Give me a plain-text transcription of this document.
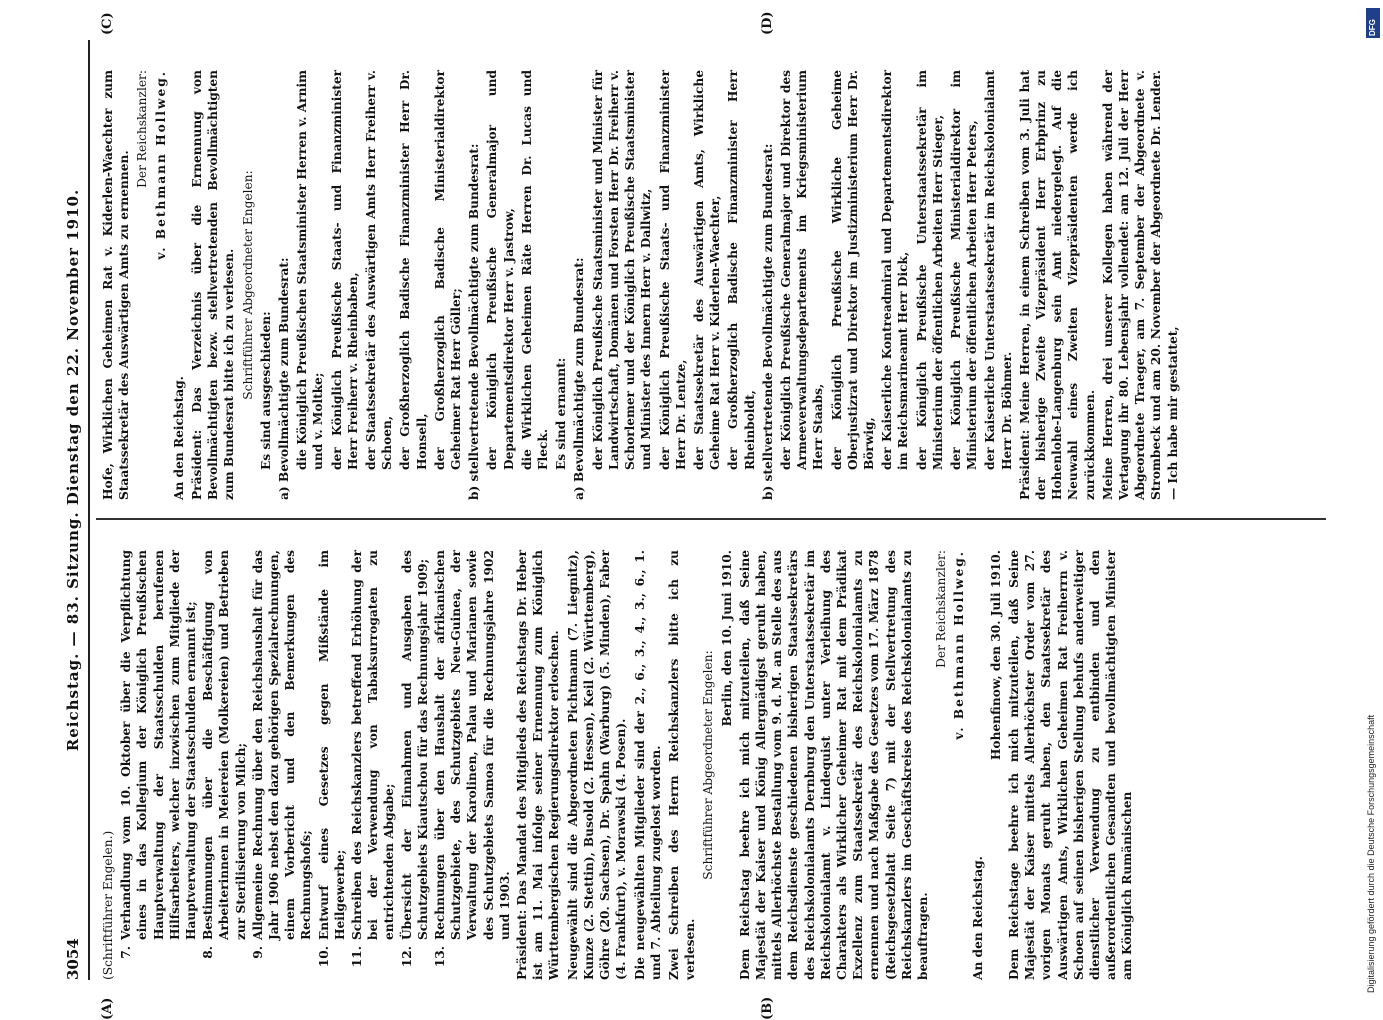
3054
Reichstag. — 83. Sitzung. Dienstag den 22. November 1910.
(A)	(B)
(C)	(D)

(Schriftführer Engelen.) 7.
Verhandlung vom 10. Oktober über die Verpflichtung eines in das Kollegium der Königlich Preußischen Hauptverwaltung der Staatsschulden berufenen Hilfsarbeiters, welcher inzwischen zum Mitgliede der Hauptverwaltung der Staatsschulden ernannt ist;
8.
Bestimmungen über die Beschäftigung von Arbeiterinnen in Meiereien (Molkereien) und Betrieben zur Sterilisierung von Milch;
9.
Allgemeine Rechnung über den Reichshaushalt für das Jahr 1906 nebst den dazu gehörigen Spezialrechnungen, einem Vorbericht und den Bemerkungen des Rechnungshofs;
10.
Entwurf eines Gesetzes gegen Mißstände im Heilgewerbe;
11.
Schreiben des Reichskanzlers betreffend Erhöhung der bei der Verwendung von Tabaksurrogaten zu entrichtenden Abgabe;
12.
Übersicht der Einnahmen und Ausgaben des Schutzgebiets Kiautschou für das Rechnungsjahr 1909;
13.
Rechnungen über den Haushalt der afrikanischen Schutzgebiete, des Schutzgebiets Neu-Guinea, der Verwaltung der Karolinen, Palau und Marianen sowie des Schutzgebiets Samoa für die Rechnungsjahre 1902 und 1903. Präsident: Das Mandat des Mitglieds des Reichstags Dr. Heber ist am 11. Mai infolge seiner Ernennung zum Königlich Württembergischen Regierungsdirektor erloschen. Neugewählt sind die Abgeordneten Pichtmann (7. Liegnitz), Kunze (2. Stettin), Busold (2. Hessen), Keil (2. Württemberg), Göhre (20. Sachsen), Dr. Spahn (Warburg) (5. Minden), Faber (4. Frankfurt), v. Morawski (4. Posen). Die neugewählten Mitglieder sind der 2., 6., 3., 4., 3., 6., 1. und 7. Abteilung zugelost worden. Zwei Schreiben des Herrn Reichskanzlers bitte ich zu verlesen.

Schriftführer Abgeordneter Engelen:

Berlin, den 10. Juni 1910. Dem Reichstag beehre ich mich mitzuteilen, daß Seine Majestät der Kaiser und König Allergnädigst geruht haben, mittels Allerhöchste Bestallung vom 9. d. M. an Stelle des aus dem Reichsdienste geschiedenen bisherigen Staatssekretärs des Reichskolonialamts Dernburg den Unterstaatssekretär im Reichskolonialamt v. Lindequist unter Verleihung des Charakters als Wirklicher Geheimer Rat mit dem Prädikat Exzellenz zum Staatssekretär des Reichskolonialamts zu ernennen und nach Maßgabe des Gesetzes vom 17. März 1878 (Reichsgesetzblatt Seite 7) mit der Stellvertretung des Reichskanzlers im Geschäftskreise des Reichskolonialamts zu beauftragen.

Der Reichskanzler: v. Bethmann Hollweg.

An den Reichstag.

Hohenfinow, den 30. Juli 1910. Dem Reichstage beehre ich mich mitzuteilen, daß Seine Majestät der Kaiser mittels Allerhöchster Order vom 27. vorigen Monats geruht haben, den Staatssekretär des Auswärtigen Amts, Wirklichen Geheimen Rat Freiherrn v. Schoen auf seinen bisherigen Stellung behufs anderweitiger dienstlicher Verwendung zu entbinden und den außerordentlichen Gesandten und bevollmächtigten Minister am Königlich Rumänischen

Hofe, Wirklichen Geheimen Rat v. Kiderlen-Waechter zum Staatssekretär des Auswärtigen Amts zu ernennen.

Der Reichskanzler: v. Bethmann Hollweg.

An den Reichstag. Präsident: Das Verzeichnis über die Ernennung von Bevollmächtigten bezw. stellvertretenden Bevollmächtigten zum Bundesrat bitte ich zu verlesen. Schriftführer Abgeordneter Engelen: Es sind ausgeschieden: a) Bevollmächtigte zum Bundesrat: die Königlich Preußischen Staatsminister Herren v. Arnim und v. Moltke; der Königlich Preußische Staats- und Finanzminister Herr Freiherr v. Rheinbaben, der Staatssekretär des Auswärtigen Amts Herr Freiherr v. Schoen, der Großherzoglich Badische Finanzminister Herr Dr. Honsell, der Großherzoglich Badische Ministerialdirektor Geheimer Rat Herr Göller; b) stellvertretende Bevollmächtigte zum Bundesrat: der Königlich Preußische Generalmajor und Departementsdirektor Herr v. Jastrow, die Wirklichen Geheimen Räte Herren Dr. Lucas und Fleck. Es sind ernannt: a) Bevollmächtigte zum Bundesrat: der Königlich Preußische Staatsminister und Minister für Landwirtschaft, Domänen und Forsten Herr Dr. Freiherr v. Schorlemer und der Königlich Preußische Staatsminister und Minister des Innern Herr v. Dallwitz, der Königlich Preußische Staats- und Finanzminister Herr Dr. Lentze, der Staatssekretär des Auswärtigen Amts, Wirkliche Geheime Rat Herr v. Kiderlen-Waechter, der Großherzoglich Badische Finanzminister Herr Rheinboldt, b) stellvertretende Bevollmächtigte zum Bundesrat: der Königlich Preußische Generalmajor und Direktor des Armeeverwaltungsdepartements im Kriegsministerium Herr Staabs, der Königlich Preußische Wirkliche Geheime Oberjustizrat und Direktor im Justizministerium Herr Dr. Börwig, der Kaiserliche Kontreadmiral und Departementsdirektor im Reichsmarineamt Herr Dick, der Königlich Preußische Unterstaatssekretär im Ministerium der öffentlichen Arbeiten Herr Stieger, der Königlich Preußische Ministerialdirektor im Ministerium der öffentlichen Arbeiten Herr Peters, der Kaiserliche Unterstaatssekretär im Reichskolonialamt Herr Dr. Böhmer. Präsident: Meine Herren, in einem Schreiben vom 3. Juli hat der bisherige Zweite Vizepräsident Herr Erbprinz zu Hohenlohe-Langenburg sein Amt niedergelegt. Auf die Neuwahl eines Zweiten Vizepräsidenten werde ich zurückkommen. Meine Herren, drei unserer Kollegen haben während der Vertagung ihr 80. Lebensjahr vollendet: am 12. Juli der Herr Abgeordnete Traeger, am 7. September der Abgeordnete v. Strombeck und am 20. November der Abgeordnete Dr. Lender. — Ich habe mir gestattet,

DFG
Digitalisierung gefördert durch die Deutsche Forschungsgemeinschaft
